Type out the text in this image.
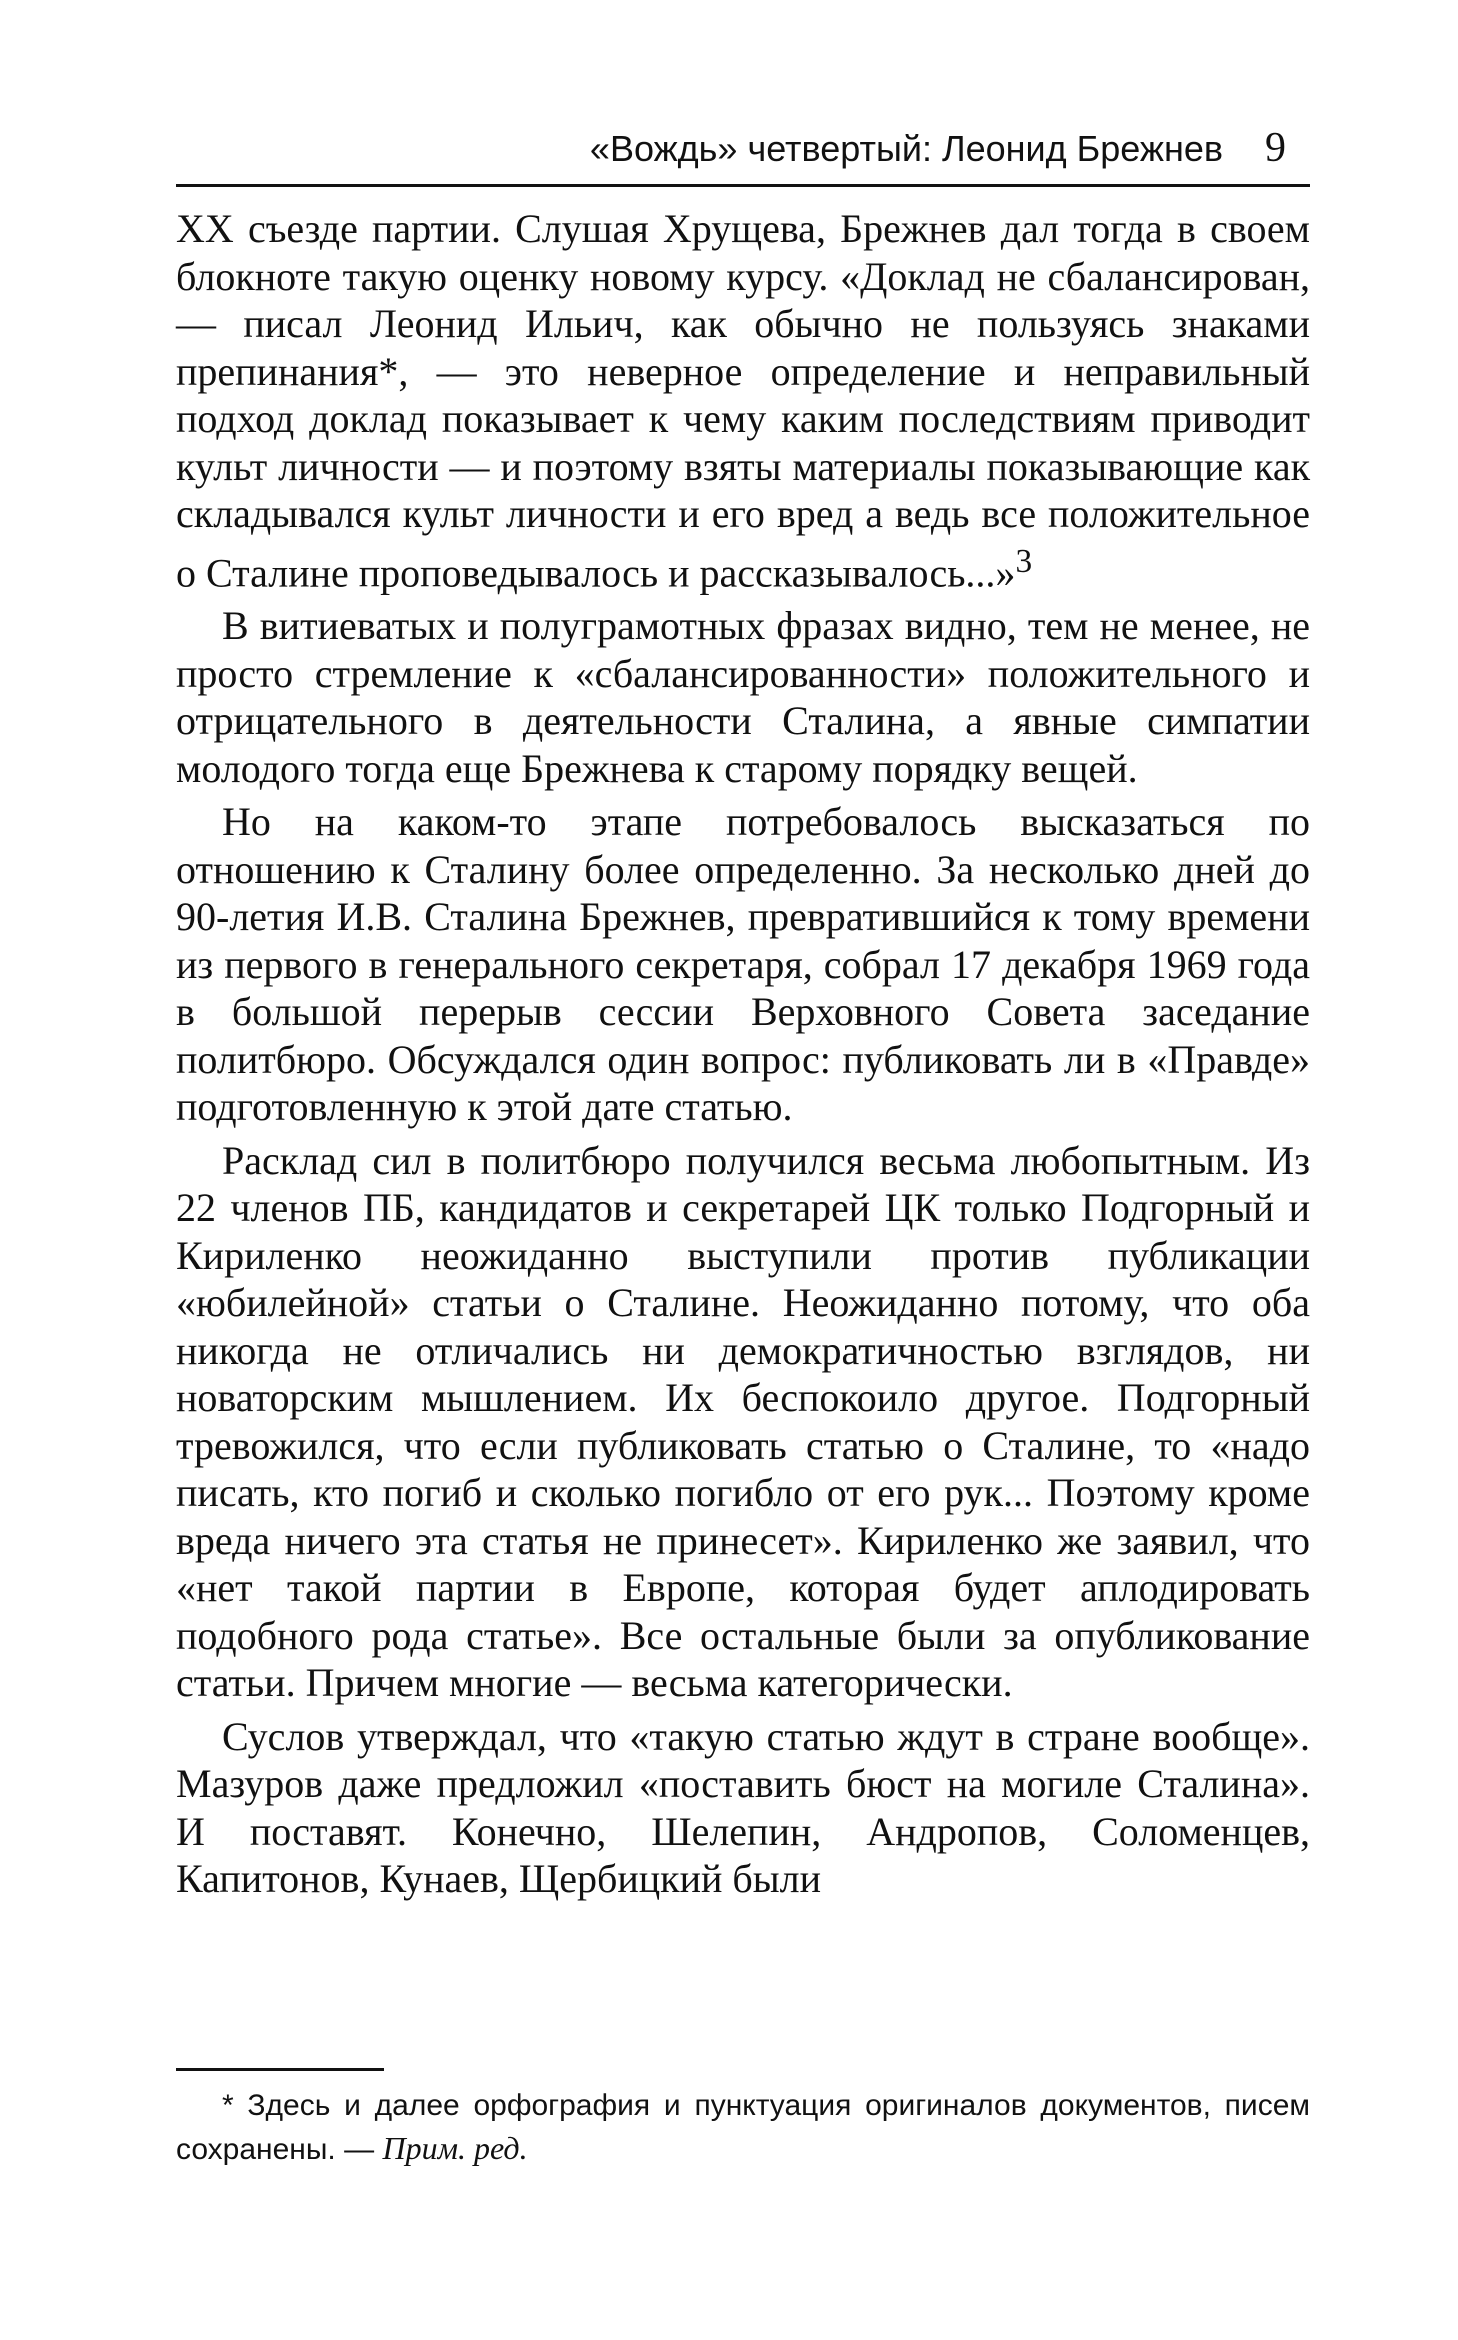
«Вождь» четвертый: Леонид Брежнев 9

XX съезде партии. Слушая Хрущева, Брежнев дал тогда в своем блокноте такую оценку новому курсу. «Доклад не сбалансирован, — писал Леонид Ильич, как обычно не пользуясь знаками препинания*, — это неверное определение и неправильный подход доклад показывает к чему каким последствиям приводит культ личности — и поэтому взяты материалы показывающие как складывался культ личности и его вред а ведь все положительное о Сталине проповедывалось и рассказывалось...»$^3$

В витиеватых и полуграмотных фразах видно, тем не менее, не просто стремление к «сбалансированности» положительного и отрицательного в деятельности Сталина, а явные симпатии молодого тогда еще Брежнева к старому порядку вещей.

Но на каком-то этапе потребовалось высказаться по отношению к Сталину более определенно. За несколько дней до 90-летия И.В. Сталина Брежнев, превратившийся к тому времени из первого в генерального секретаря, собрал 17 декабря 1969 года в большой перерыв сессии Верховного Совета заседание политбюро. Обсуждался один вопрос: публиковать ли в «Правде» подготовленную к этой дате статью.

Расклад сил в политбюро получился весьма любопытным. Из 22 членов ПБ, кандидатов и секретарей ЦК только Подгорный и Кириленко неожиданно выступили против публикации «юбилейной» статьи о Сталине. Неожиданно потому, что оба никогда не отличались ни демократичностью взглядов, ни новаторским мышлением. Их беспокоило другое. Подгорный тревожился, что если публиковать статью о Сталине, то «надо писать, кто погиб и сколько погибло от его рук... Поэтому кроме вреда ничего эта статья не принесет». Кириленко же заявил, что «нет такой партии в Европе, которая будет аплодировать подобного рода статье». Все остальные были за опубликование статьи. Причем многие — весьма категорически.

Суслов утверждал, что «такую статью ждут в стране вообще». Мазуров даже предложил «поставить бюст на могиле Сталина». И поставят. Конечно, Шелепин, Андропов, Соломенцев, Капитонов, Кунаев, Щербицкий были

* Здесь и далее орфография и пунктуация оригиналов документов, писем сохранены. — Прим. ред.
